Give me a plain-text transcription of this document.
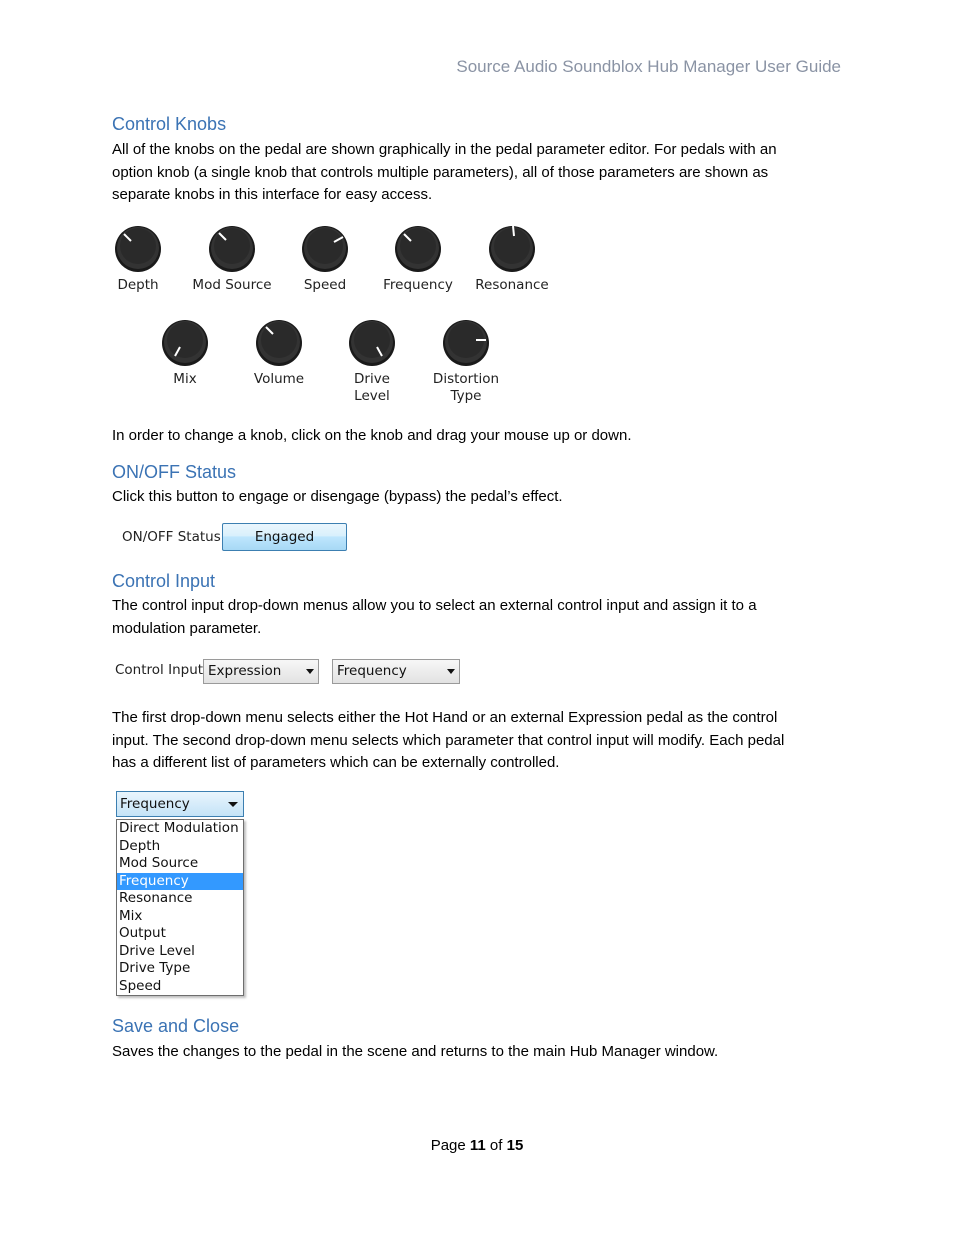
Source Audio Soundblox Hub Manager User Guide
Control Knobs
All of the knobs on the pedal are shown graphically in the pedal parameter editor. For pedals with an
option knob (a single knob that controls multiple parameters), all of those parameters are shown as
separate knobs in this interface for easy access.
Depth	Mod Source	Speed	Frequency	Resonance
Mix	Volume	Drive
Level
Distortion
Type
In order to change a knob, click on the knob and drag your mouse up or down.
ON/OFF Status
Click this button to engage or disengage (bypass) the pedal’s effect.
ON/OFF Status	Engaged
Control Input
The control input drop-down menus allow you to select an external control input and assign it to a
modulation parameter.
Control Input Expression	Frequency
The first drop-down menu selects either the Hot Hand or an external Expression pedal as the control
input. The second drop-down menu selects which parameter that control input will modify. Each pedal
has a different list of parameters which can be externally controlled.
Frequency
Direct Modulation
Depth
Mod Source
Frequency
Resonance
Mix
Output
Drive Level
Drive Type
Speed
Save and Close
Saves the changes to the pedal in the scene and returns to the main Hub Manager window.
Page 11 of 15
